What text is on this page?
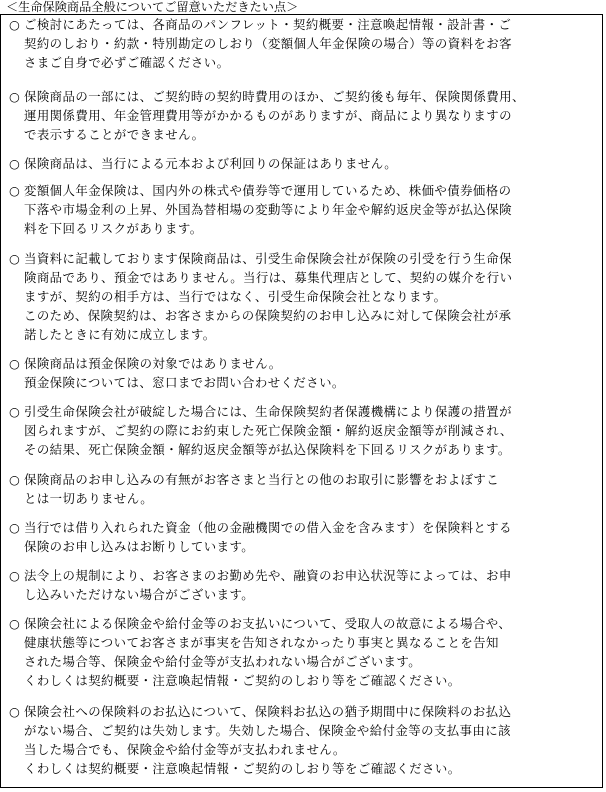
＜生命保険商品全般についてご留意いただきたい点＞
○ ご検討にあたっては、各商品のパンフレット・契約概要・注意喚起情報・設計書・ご
契約のしおり・約款・特別勘定のしおり（変額個人年金保険の場合）等の資料をお客
さまご自身で必ずご確認ください。
○ 保険商品の一部には、ご契約時の契約時費用のほか、ご契約後も毎年、保険関係費用、
運用関係費用、年金管理費用等がかかるものがありますが、商品により異なりますの
で表示することができません。
○ 保険商品は、当行による元本および利回りの保証はありません。
○ 変額個人年金保険は、国内外の株式や債券等で運用しているため、株価や債券価格の
下落や市場金利の上昇、外国為替相場の変動等により年金や解約返戻金等が払込保険
料を下回るリスクがあります。
○ 当資料に記載しております保険商品は、引受生命保険会社が保険の引受を行う生命保
険商品であり、預金ではありません。当行は、募集代理店として、契約の媒介を行い
ますが、契約の相手方は、当行ではなく、引受生命保険会社となります。
このため、保険契約は、お客さまからの保険契約のお申し込みに対して保険会社が承
諾したときに有効に成立します。
○ 保険商品は預金保険の対象ではありません。
預金保険については、窓口までお問い合わせください。
○ 引受生命保険会社が破綻した場合には、生命保険契約者保護機構により保護の措置が
図られますが、ご契約の際にお約束した死亡保険金額・解約返戻金額等が削減され、
その結果、死亡保険金額・解約返戻金額等が払込保険料を下回るリスクがあります。
○ 保険商品のお申し込みの有無がお客さまと当行との他のお取引に影響をおよぼすこ
とは一切ありません。
○ 当行では借り入れられた資金（他の金融機関での借入金を含みます）を保険料とする
保険のお申し込みはお断りしています。
○ 法令上の規制により、お客さまのお勤め先や、融資のお申込状況等によっては、お申
し込みいただけない場合がございます。
○ 保険会社による保険金や給付金等のお支払いについて、受取人の故意による場合や、
健康状態等についてお客さまが事実を告知されなかったり事実と異なることを告知
された場合等、保険金や給付金等が支払われない場合がございます。
くわしくは契約概要・注意喚起情報・ご契約のしおり等をご確認ください。
○ 保険会社への保険料のお払込について、保険料お払込の猶予期間中に保険料のお払込
がない場合、ご契約は失効します。失効した場合、保険金や給付金等の支払事由に該
当した場合でも、保険金や給付金等が支払われません。
くわしくは契約概要・注意喚起情報・ご契約のしおり等をご確認ください。
